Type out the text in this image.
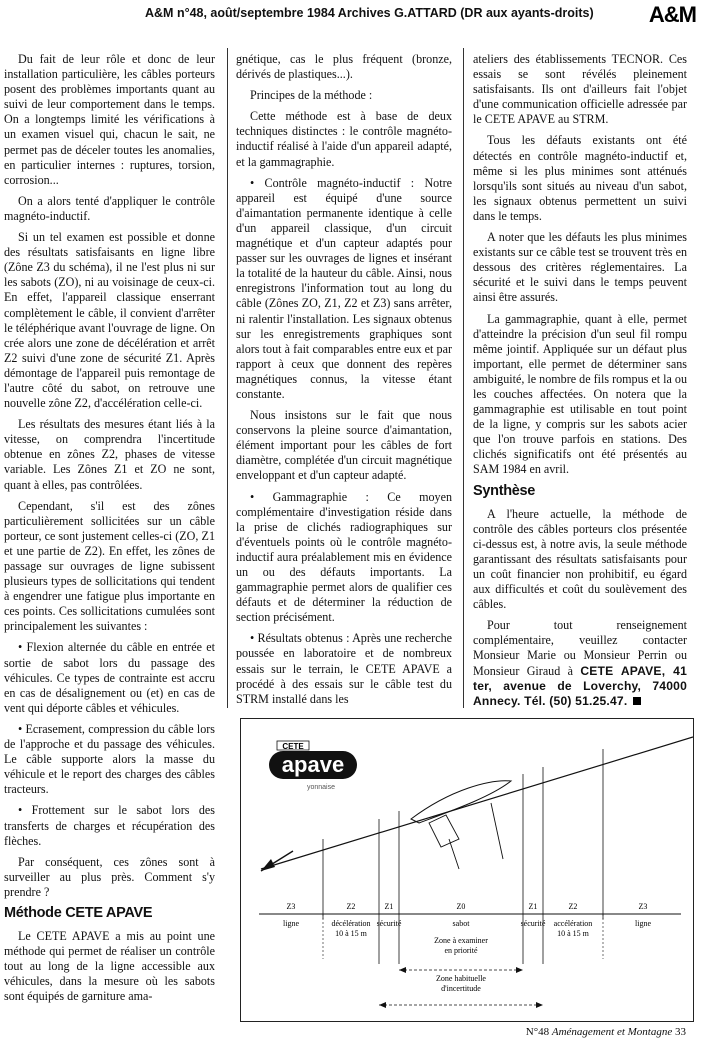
A&M n°48, août/septembre 1984 Archives G.ATTARD (DR aux ayants-droits)	A&M

Du fait de leur rôle et donc de leur installation particulière, les câbles porteurs posent des problèmes importants quant au suivi de leur comportement dans le temps. On a longtemps limité les vérifications à un examen visuel qui, chacun le sait, ne permet pas de déceler toutes les anomalies, en particulier internes : ruptures, torsion, corrosion...

On a alors tenté d'appliquer le contrôle magnéto-inductif.

Si un tel examen est possible et donne des résultats satisfaisants en ligne libre (Zône Z3 du schéma), il ne l'est plus ni sur les sabots (ZO), ni au voisinage de ceux-ci. En effet, l'appareil classique enserrant complètement le câble, il convient d'arrêter le téléphérique avant l'ouvrage de ligne. On crée alors une zone de décélération et arrêt Z2 suivi d'une zone de sécurité Z1. Après démontage de l'appareil puis remontage de l'autre côté du sabot, on retrouve une nouvelle zône Z2, d'accélération celle-ci.

Les résultats des mesures étant liés à la vitesse, on comprendra l'incertitude obtenue en zônes Z2, phases de vitesse variable. Les Zônes Z1 et ZO ne sont, quant à elles, pas contrôlées.

Cependant, s'il est des zônes particulièrement sollicitées sur un câble porteur, ce sont justement celles-ci (ZO, Z1 et une partie de Z2). En effet, les zônes de passage sur ouvrages de ligne subissent plusieurs types de sollicitations qui tendent à engendrer une fatigue plus importante en ces points. Ces sollicitations cumulées sont principalement les suivantes :

• Flexion alternée du câble en entrée et sortie de sabot lors du passage des véhicules. Ce types de contrainte est accru en cas de désalignement ou (et) en cas de vent qui déporte câbles et véhicules.

• Ecrasement, compression du câble lors de l'approche et du passage des véhicules. Le câble supporte alors la masse du véhicule et le report des charges des câbles tracteurs.

• Frottement sur le sabot lors des transferts de charges et récupération des flèches.

Par conséquent, ces zônes sont à surveiller au plus près. Comment s'y prendre ?

Méthode CETE APAVE

Le CETE APAVE a mis au point une méthode qui permet de réaliser un contrôle tout au long de la ligne accessible aux véhicules, dans la mesure où les sabots sont équipés de garniture ama-

gnétique, cas le plus fréquent (bronze, dérivés de plastiques...).

Principes de la méthode :

Cette méthode est à base de deux techniques distinctes : le contrôle magnéto-inductif réalisé à l'aide d'un appareil adapté, et la gammagraphie.

• Contrôle magnéto-inductif : Notre appareil est équipé d'une source d'aimantation permanente identique à celle d'un appareil classique, d'un circuit magnétique et d'un capteur adaptés pour passer sur les ouvrages de lignes et insérant la totalité de la hauteur du câble. Ainsi, nous enregistrons l'information tout au long du câble (Zônes ZO, Z1, Z2 et Z3) sans arrêter, ni ralentir l'installation. Les signaux obtenus sur les enregistrements graphiques sont alors tout à fait comparables entre eux et par rapport à ceux que donnent des repères magnétiques connus, la vitesse étant constante.

Nous insistons sur le fait que nous conservons la pleine source d'aimantation, élément important pour les câbles de fort diamètre, complétée d'un circuit magnétique enveloppant et d'un capteur adapté.

• Gammagraphie : Ce moyen complémentaire d'investigation réside dans la prise de clichés radiographiques sur d'éventuels points où le contrôle magnéto-inductif aura préalablement mis en évidence un ou des défauts importants. La gammagraphie permet alors de qualifier ces défauts et de déterminer la réduction de section précisément.

• Résultats obtenus : Après une recherche poussée en laboratoire et de nombreux essais sur le terrain, le CETE APAVE a procédé à des essais sur le câble test du STRM installé dans les

ateliers des établissements TECNOR. Ces essais se sont révélés pleinement satisfaisants. Ils ont d'ailleurs fait l'objet d'une communication officielle adressée par le CETE APAVE au STRM.

Tous les défauts existants ont été détectés en contrôle magnéto-inductif et, même si les plus minimes sont atténués lorsqu'ils sont situés au niveau d'un sabot, les signaux obtenus permettent un suivi dans le temps.

A noter que les défauts les plus minimes existants sur ce câble test se trouvent très en dessous des critères réglementaires. La sécurité et le suivi dans le temps peuvent ainsi être assurés.

La gammagraphie, quant à elle, permet d'atteindre la précision d'un seul fil rompu même jointif. Appliquée sur un défaut plus important, elle permet de déterminer sans ambiguité, le nombre de fils rompus et la ou les couches affectées. On notera que la gammagraphie est utilisable en tout point de la ligne, y compris sur les sabots acier que l'on trouve parfois en stations. Des clichés significatifs ont été présentés au SAM 1984 en avril.

Synthèse

A l'heure actuelle, la méthode de contrôle des câbles porteurs clos présentée ci-dessus est, à notre avis, la seule méthode garantissant des résultats satisfaisants pour un coût financier non prohibitif, eu égard aux difficultés et coût du soulèvement des câbles.

Pour tout renseignement complémentaire, veuillez contacter Monsieur Marie ou Monsieur Perrin ou Monsieur Giraud à CETE APAVE, 41 ter, avenue de Loverchy, 74000 Annecy. Tél. (50) 51.25.47.

Z3
ligne
Z2
décélération
Z1
sécurité
Z0
sabot
Z1
sécurité
Z2
accélération
Z3
ligne
10 à 15 m	10 à 15 m
CETE
apave
yonnaise
Zone à examiner
en priorité
Zone habituelle
d'incertitude
N°48 Aménagement et Montagne 33
